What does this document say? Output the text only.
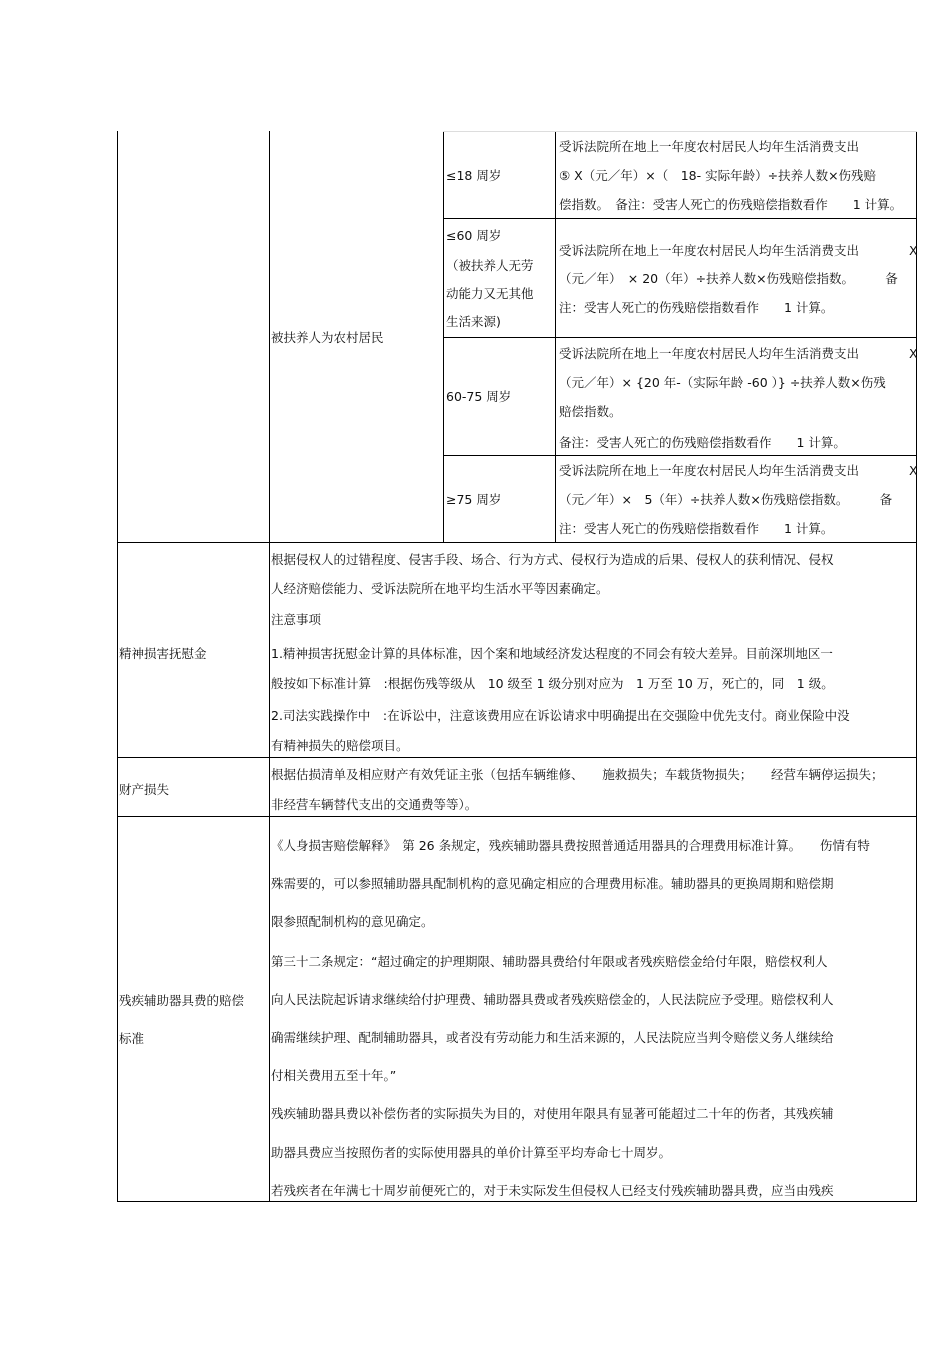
被扶养人为农村居民
≤18 周岁
受诉法院所在地上一年度农村居民人均年生活消费支出
⑤ X（元／年）×（　18- 实际年龄）÷扶养人数×伤残赔
偿指数。　备注：受害人死亡的伤残赔偿指数看作　　1 计算。
≤60 周岁
（被扶养人无劳
动能力又无其他
生活来源)
受诉法院所在地上一年度农村居民人均年生活消费支出　　　　X
（元／年）　× 20（年）÷扶养人数×伤残赔偿指数。　　　备
注：受害人死亡的伤残赔偿指数看作　　1 计算。
60-75 周岁
受诉法院所在地上一年度农村居民人均年生活消费支出　　　　X
（元／年）× {20 年-（实际年龄 -60 ）} ÷扶养人数×伤残
赔偿指数。
备注：受害人死亡的伤残赔偿指数看作　　1 计算。
≥75 周岁
受诉法院所在地上一年度农村居民人均年生活消费支出　　　　X
（元／年）×　5（年）÷扶养人数×伤残赔偿指数。　　　备
注：受害人死亡的伤残赔偿指数看作　　1 计算。
精神损害抚慰金
根据侵权人的过错程度、侵害手段、场合、行为方式、侵权行为造成的后果、侵权人的获利情况、侵权
人经济赔偿能力、受诉法院所在地平均生活水平等因素确定。
注意事项
1.精神损害抚慰金计算的具体标准，因个案和地域经济发达程度的不同会有较大差异。目前深圳地区一
般按如下标准计算　:根据伤残等级从　10 级至 1 级分别对应为　1 万至 10 万，死亡的，同　1 级。
2.司法实践操作中　:在诉讼中，注意该费用应在诉讼请求中明确提出在交强险中优先支付。商业保险中没
有精神损失的赔偿项目。
财产损失
根据估损清单及相应财产有效凭证主张（包括车辆维修、　　施救损失；车载货物损失；　　经营车辆停运损失；
非经营车辆替代支出的交通费等等）。
残疾辅助器具费的赔偿
标准
《人身损害赔偿解释》　第 26 条规定，残疾辅助器具费按照普通适用器具的合理费用标准计算。　　伤情有特
殊需要的，可以参照辅助器具配制机构的意见确定相应的合理费用标准。辅助器具的更换周期和赔偿期
限参照配制机构的意见确定。
第三十二条规定：“超过确定的护理期限、辅助器具费给付年限或者残疾赔偿金给付年限，赔偿权利人
向人民法院起诉请求继续给付护理费、辅助器具费或者残疾赔偿金的，人民法院应予受理。赔偿权利人
确需继续护理、配制辅助器具，或者没有劳动能力和生活来源的，人民法院应当判令赔偿义务人继续给
付相关费用五至十年。”
残疾辅助器具费以补偿伤者的实际损失为目的，对使用年限具有显著可能超过二十年的伤者，其残疾辅
助器具费应当按照伤者的实际使用器具的单价计算至平均寿命七十周岁。
若残疾者在年满七十周岁前便死亡的，对于未实际发生但侵权人已经支付残疾辅助器具费，应当由残疾
